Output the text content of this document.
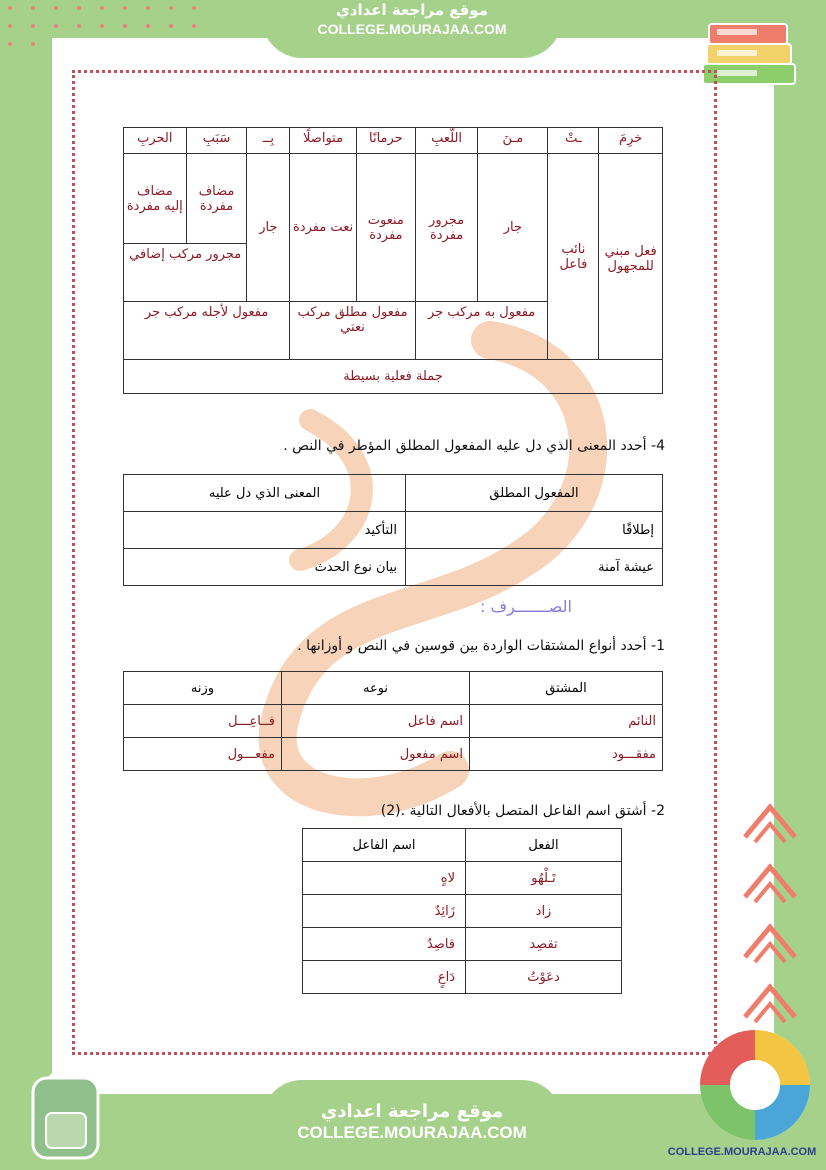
موقع مراجعة اعدادي
COLLEGE.MOURAJAA.COM
خرِمَ	ـتْ	مـنَ	اللّعبِ	حرمانًا	متواصلًا	بِــ	سَبَبِ	الحربِ
فعل مبني للمجهول	نائب فاعل	جار	مجرور مفردة	منعوت مفردة	نعت مفردة	جار	مضاف مفردة	مضاف إليه مفردة
							مجرور مركب إضافي	
		مفعول به مركب جر		مفعول مطلق مركب نعتي		مفعول لأجله مركب جر		
جملة فعلية بسيطة								
4- أحدد المعنى الذي دل عليه المفعول المطلق المؤطر في النص .
المفعول المطلق	المعنى الذي دل عليه
إطلاقًا	التأكيد
عيشة آمنة	بيان نوع الحدث
الصـــــــرف :
1- أحدد أنواع المشتقات الواردة بين قوسين في النص و أوزانها .
المشتق	نوعه	وزنه
النائم	اسم فاعل	فــاعِـــل
مفقـــود	اسم مفعول	مفعـــول
2- أشتق اسم الفاعل المتصل بالأفعال التالية .(2)
الفعل	اسم الفاعل
تَـلْهُو	لاهٍ
زاد	زَائِدٌ
تقصِد	قاصِدٌ
دعَوْتُ	دَاعٍ
موقع مراجعة اعدادي
COLLEGE.MOURAJAA.COM
COLLEGE.MOURAJAA.COM
